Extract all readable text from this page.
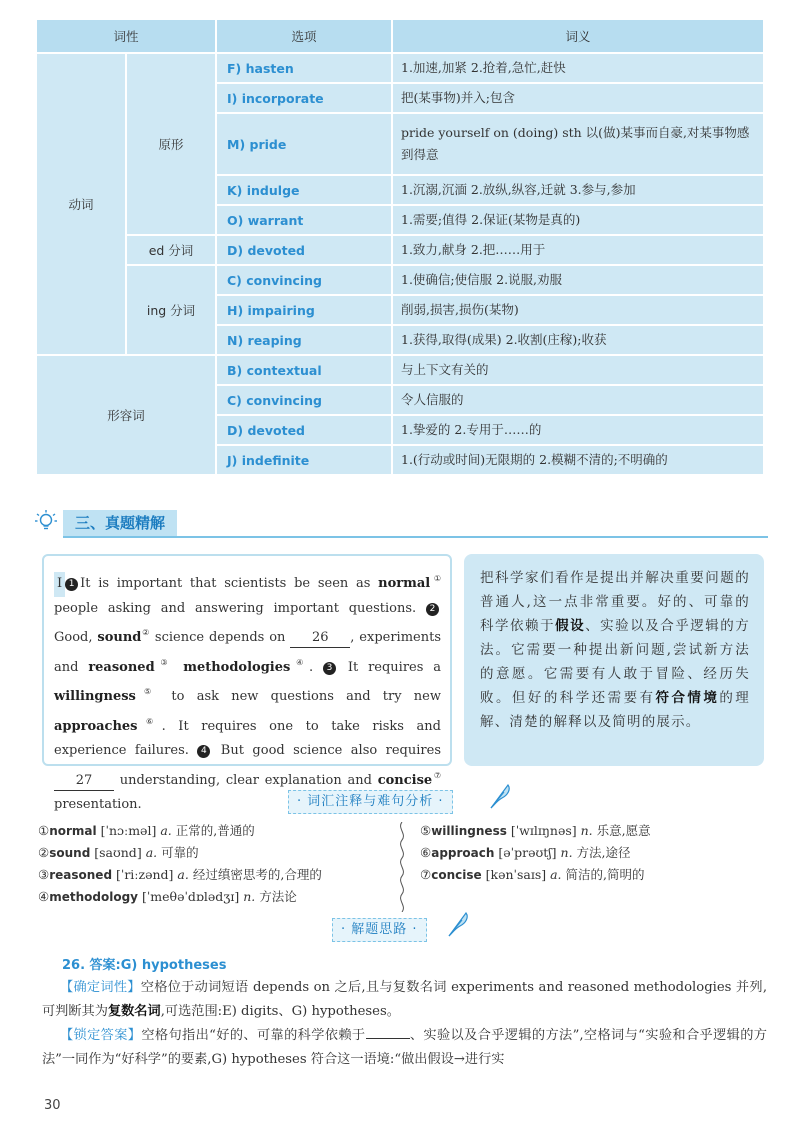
词性		选项	词义
动词	原形	F) hasten	1.加速,加紧 2.抢着,急忙,赶快
		I) incorporate	把(某事物)并入;包含
		M) pride	pride yourself on (doing) sth 以(做)某事而自豪,对某事物感到得意
		K) indulge	1.沉溺,沉湎 2.放纵,纵容,迁就 3.参与,参加
		O) warrant	1.需要;值得 2.保证(某物是真的)
	ed 分词	D) devoted	1.致力,献身 2.把……用于
	ing 分词	C) convincing	1.使确信;使信服 2.说服,劝服
		H) impairing	削弱,损害,损伤(某物)
		N) reaping	1.获得,取得(成果) 2.收割(庄稼);收获
形容词		B) contextual	与上下文有关的
		C) convincing	令人信服的
		D) devoted	1.挚爱的 2.专用于……的
		J) indefinite	1.(行动或时间)无限期的 2.模糊不清的;不明确的
三、真题精解
Ⅰ 1 It is important that scientists be seen as normal① people asking and answering important questions. 2 Good, sound② science depends on 26 , experiments and reasoned③ methodologies④. 3 It requires a willingness⑤ to ask new questions and try new approaches⑥. It requires one to take risks and experience failures. 4 But good science also requires 27 understanding, clear explanation and concise⑦ presentation.
把科学家们看作是提出并解决重要问题的普通人,这一点非常重要。好的、可靠的科学依赖于假设、实验以及合乎逻辑的方法。它需要一种提出新问题,尝试新方法的意愿。它需要有人敢于冒险、经历失败。但好的科学还需要有符合情境的理解、清楚的解释以及简明的展示。
· 词汇注释与难句分析 ·
①normal [ˈnɔːməl] a. 正常的,普通的
②sound [saʊnd] a. 可靠的
③reasoned [ˈriːzənd] a. 经过缜密思考的,合理的
④methodology [ˈmeθəˈdɒlədʒɪ] n. 方法论
⑤willingness [ˈwɪlɪŋnəs] n. 乐意,愿意
⑥approach [əˈprəʊtʃ] n. 方法,途径
⑦concise [kənˈsaɪs] a. 简洁的,简明的
· 解题思路 ·
26. 答案:G) hypotheses
【确定词性】空格位于动词短语 depends on 之后,且与复数名词 experiments and reasoned methodologies 并列,可判断其为复数名词,可选范围:E) digits、G) hypotheses。
【锁定答案】空格句指出“好的、可靠的科学依赖于	、实验以及合乎逻辑的方法”,空格词与“实验和合乎逻辑的方法”一同作为“好科学”的要素,G) hypotheses 符合这一语境:“做出假设→进行实
30
